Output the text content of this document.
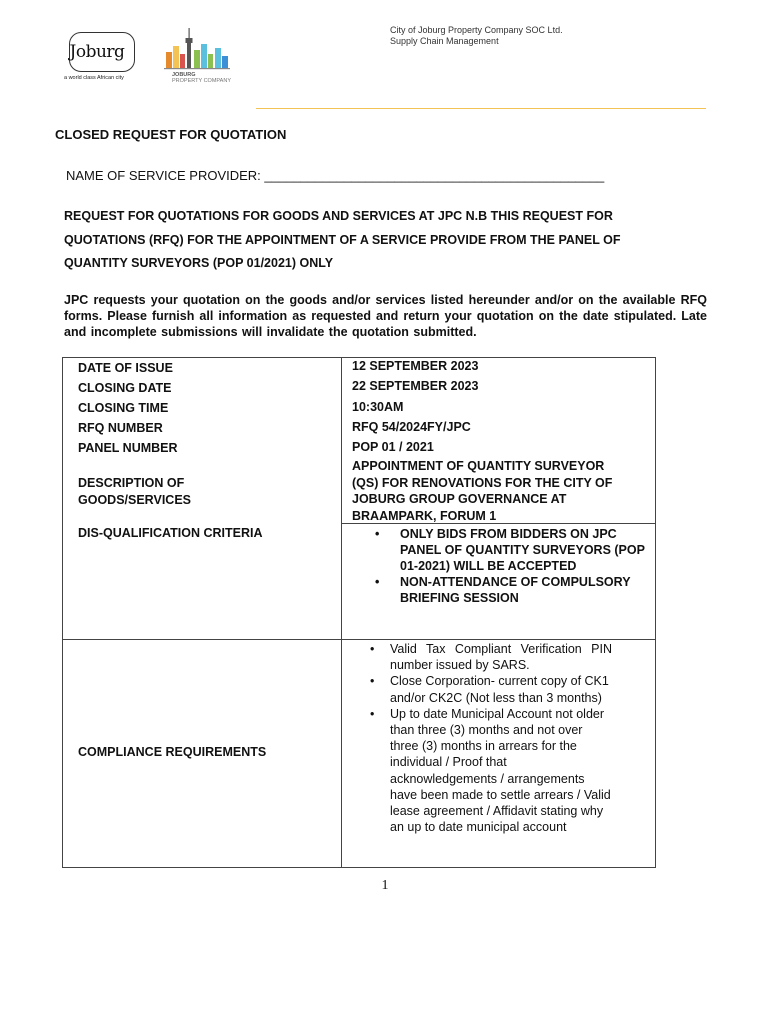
Joburg
a world class African city	JOBURG
PROPERTY COMPANY
City of Joburg Property Company SOC Ltd.
Supply Chain Management
CLOSED REQUEST FOR QUOTATION
NAME OF SERVICE PROVIDER: _______________________________________________
REQUEST FOR QUOTATIONS FOR GOODS AND SERVICES AT JPC N.B THIS REQUEST FOR
QUOTATIONS (RFQ) FOR THE APPOINTMENT OF A SERVICE PROVIDE FROM THE PANEL OF
QUANTITY SURVEYORS (POP 01/2021) ONLY
JPC requests your quotation on the goods and/or services listed hereunder and/or on the available RFQ forms. Please furnish all information as requested and return your quotation on the date stipulated. Late and incomplete submissions will invalidate the quotation submitted.
DATE OF ISSUE	12 SEPTEMBER 2023
CLOSING DATE	22 SEPTEMBER 2023
CLOSING TIME	10:30AM
RFQ NUMBER	RFQ 54/2024FY/JPC
PANEL NUMBER	POP 01 / 2021
DESCRIPTION OF
GOODS/SERVICES
APPOINTMENT OF QUANTITY SURVEYOR
(QS) FOR RENOVATIONS FOR THE CITY OF
JOBURG GROUP GOVERNANCE AT
BRAAMPARK, FORUM 1
DIS-QUALIFICATION CRITERIA
•	ONLY BIDS FROM BIDDERS ON JPC PANEL OF QUANTITY SURVEYORS (POP 01-2021) WILL BE ACCEPTED
• NON-ATTENDANCE OF COMPULSORY BRIEFING SESSION
COMPLIANCE REQUIREMENTS
• Valid Tax Compliant Verification PIN number issued by SARS.
• Close Corporation- current copy of CK1 and/or CK2C (Not less than 3 months)
• Up to date Municipal Account not older than three (3) months and not over three (3) months in arrears for the individual / Proof that acknowledgements / arrangements have been made to settle arrears / Valid lease agreement / Affidavit stating why an up to date municipal account
1
